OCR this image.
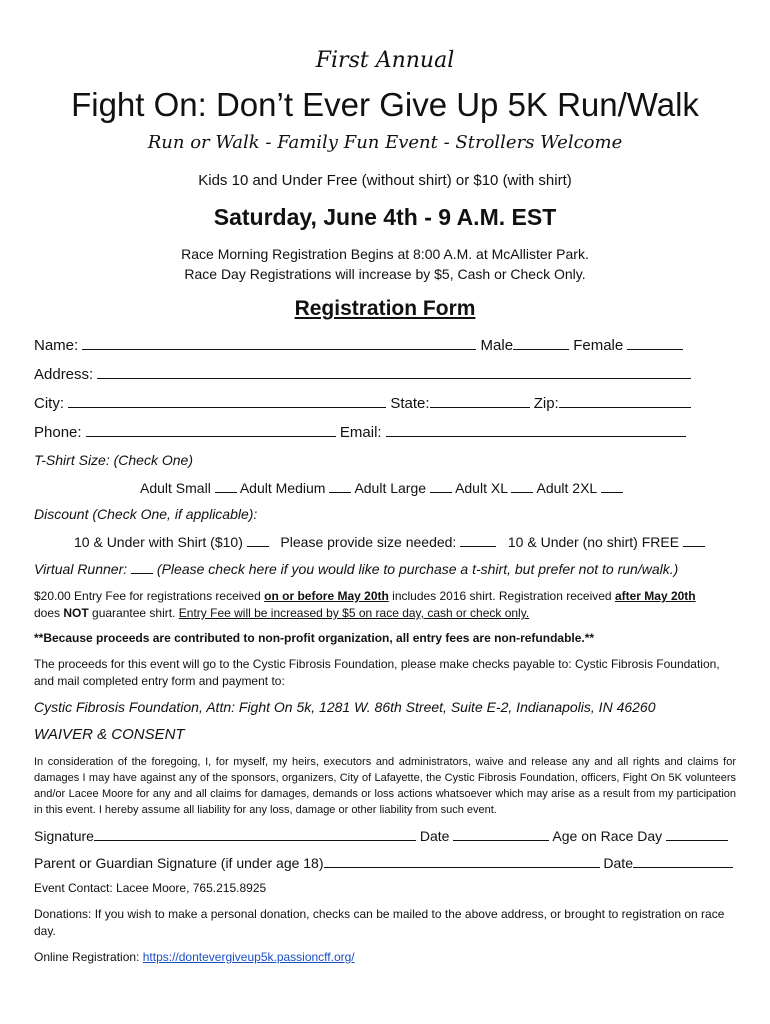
First Annual
Fight On: Don’t Ever Give Up 5K Run/Walk
Run or Walk - Family Fun Event - Strollers Welcome
Kids 10 and Under Free (without shirt) or $10 (with shirt)
Saturday, June 4th - 9 A.M. EST
Race Morning Registration Begins at 8:00 A.M. at McAllister Park.
Race Day Registrations will increase by $5, Cash or Check Only.
Registration Form
Name:	Male	Female
Address:
City:	State:	Zip:
Phone:	Email:
T-Shirt Size: (Check One)
Adult Small Adult Medium Adult Large Adult XL Adult 2XL
Discount (Check One, if applicable):
10 & Under with Shirt ($10)	Please provide size needed:	10 & Under (no shirt) FREE
Virtual Runner: (Please check here if you would like to purchase a t-shirt, but prefer not to run/walk.)
$20.00 Entry Fee for registrations received on or before May 20th includes 2016 shirt. Registration received after May 20th
does NOT guarantee shirt. Entry Fee will be increased by $5 on race day, cash or check only.
**Because proceeds are contributed to non-profit organization, all entry fees are non-refundable.**
The proceeds for this event will go to the Cystic Fibrosis Foundation, please make checks payable to: Cystic Fibrosis Foundation, and mail completed entry form and payment to:
Cystic Fibrosis Foundation, Attn: Fight On 5k, 1281 W. 86th Street, Suite E-2, Indianapolis, IN 46260
WAIVER & CONSENT
In consideration of the foregoing, I, for myself, my heirs, executors and administrators, waive and release any and all rights and claims for damages I may have against any of the sponsors, organizers, City of Lafayette, the Cystic Fibrosis Foundation, officers, Fight On 5K volunteers and/or Lacee Moore for any and all claims for damages, demands or loss actions whatsoever which may arise as a result from my participation in this event. I hereby assume all liability for any loss, damage or other liability from such event.
Signature	Date	Age on Race Day
Parent or Guardian Signature (if under age 18)	Date
Event Contact: Lacee Moore, 765.215.8925
Donations: If you wish to make a personal donation, checks can be mailed to the above address, or brought to registration on race day.
Online Registration: https://dontevergiveup5k.passioncff.org/
